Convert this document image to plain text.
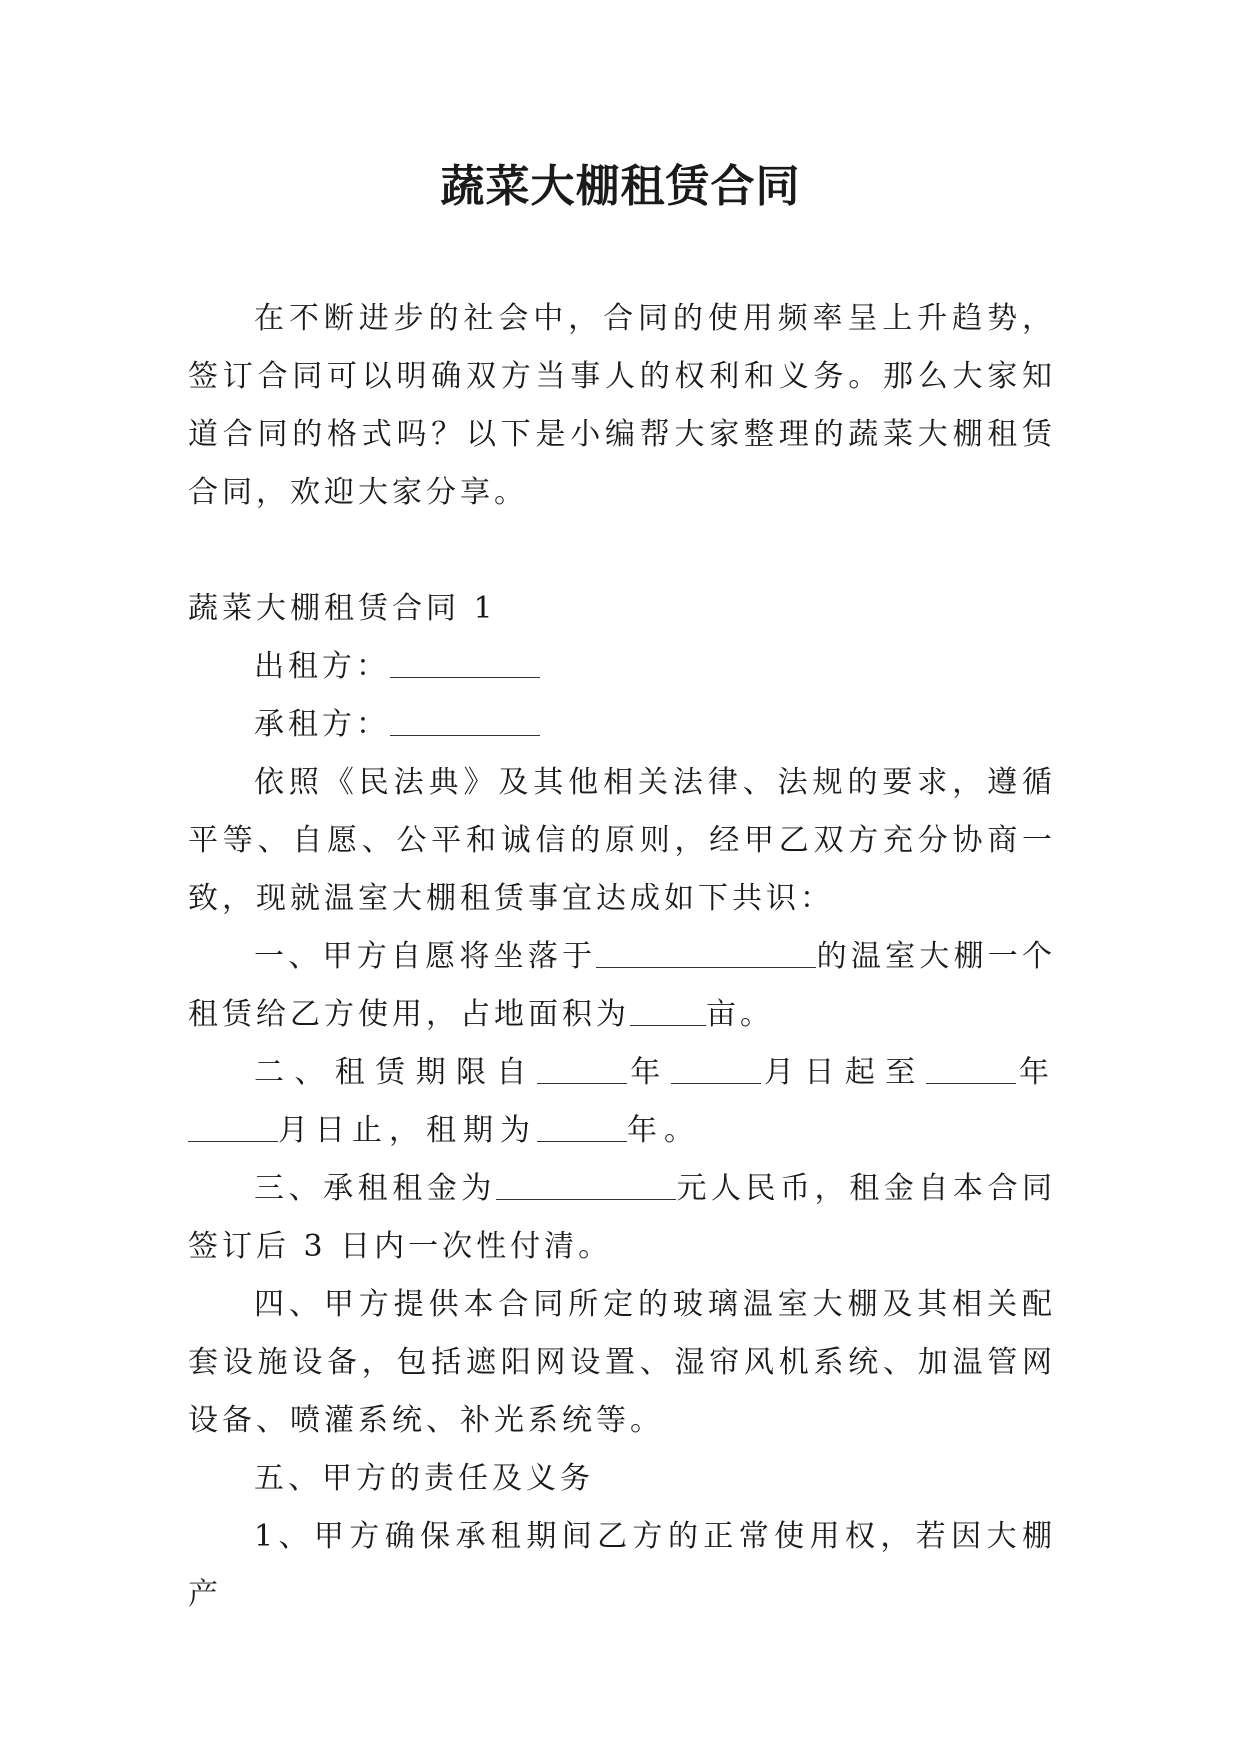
蔬菜大棚租赁合同

在不断进步的社会中，合同的使用频率呈上升趋势，签订合同可以明确双方当事人的权利和义务。那么大家知道合同的格式吗？以下是小编帮大家整理的蔬菜大棚租赁合同，欢迎大家分享。

蔬菜大棚租赁合同 1

出租方：

承租方：

依照《民法典》及其他相关法律、法规的要求，遵循平等、自愿、公平和诚信的原则，经甲乙双方充分协商一致，现就温室大棚租赁事宜达成如下共识：

一、甲方自愿将坐落于	的温室大棚一个租赁给乙方使用，占地面积为	亩。

二、租赁期限自	年	月日起至	年月日止，租期为	年。

三、承租租金为	元人民币，租金自本合同签订后 3 日内一次性付清。

四、甲方提供本合同所定的玻璃温室大棚及其相关配套设施设备，包括遮阳网设置、湿帘风机系统、加温管网设备、喷灌系统、补光系统等。

五、甲方的责任及义务

1、甲方确保承租期间乙方的正常使用权，若因大棚产
